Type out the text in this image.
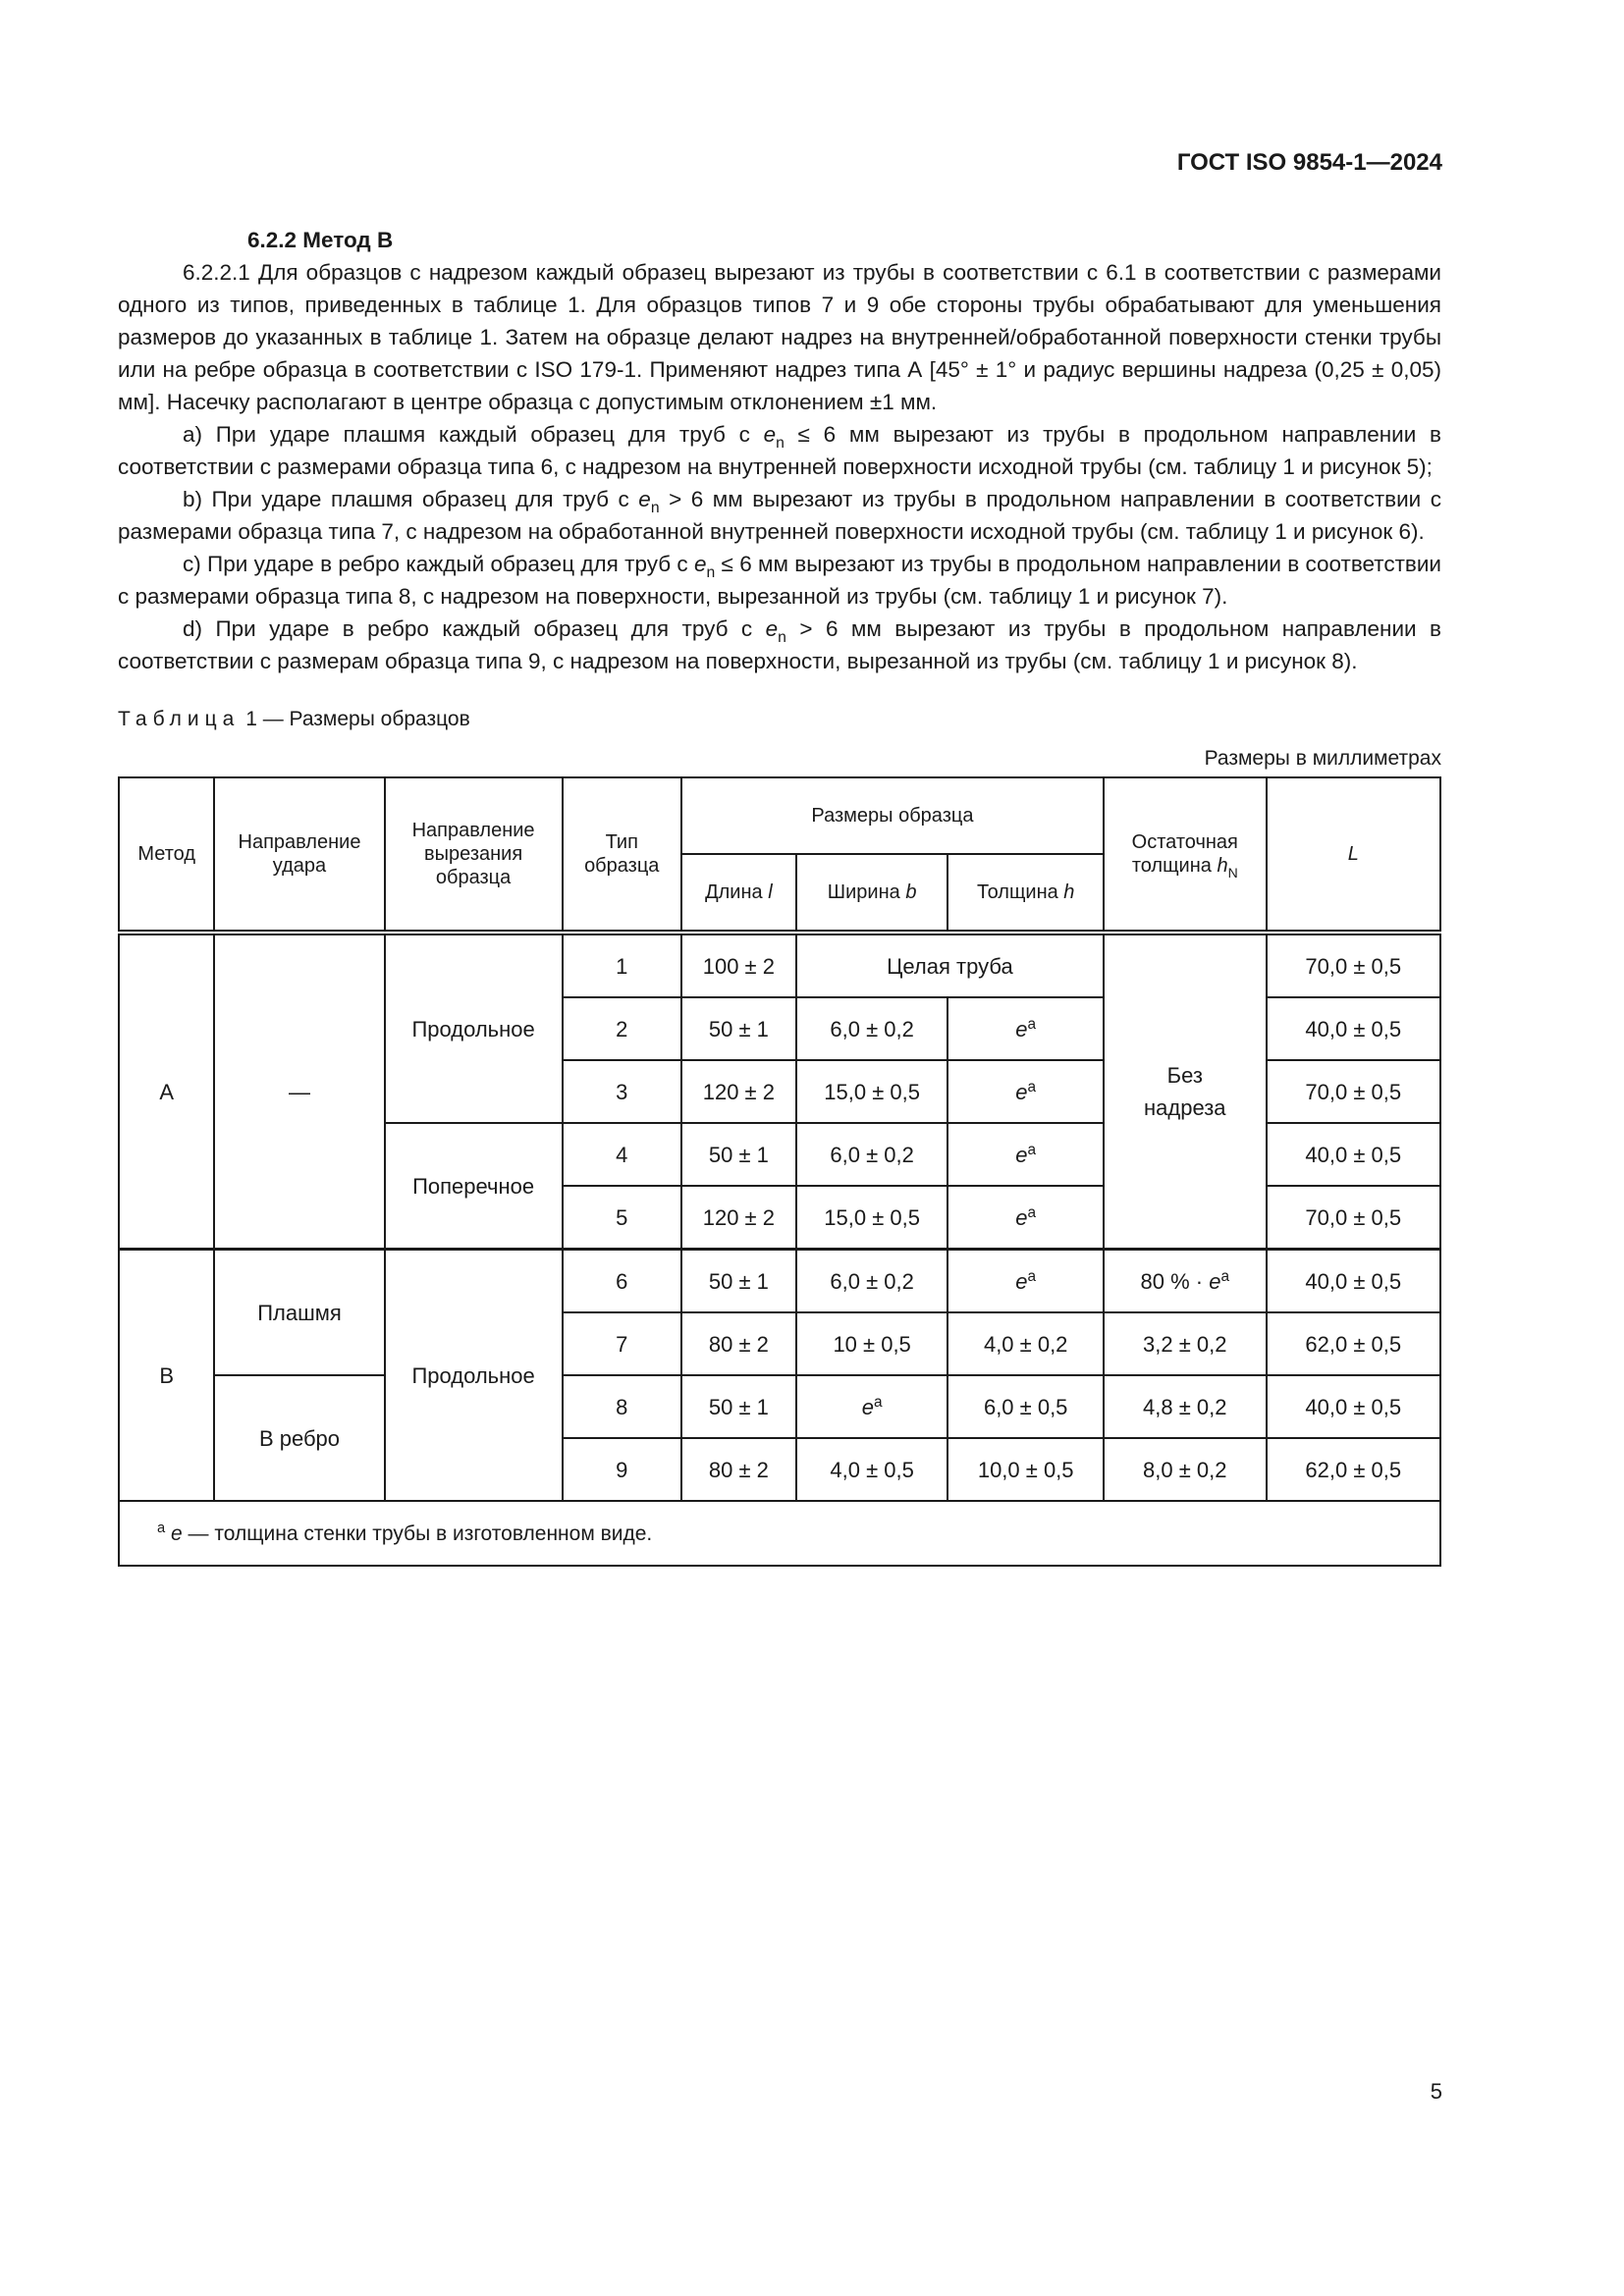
ГОСТ ISO 9854-1—2024

6.2.2 Метод В

6.2.2.1 Для образцов с надрезом каждый образец вырезают из трубы в соответствии с 6.1 в соответствии с размерами одного из типов, приведенных в таблице 1. Для образцов типов 7 и 9 обе стороны трубы обрабатывают для уменьшения размеров до указанных в таблице 1. Затем на образце делают надрез на внутренней/обработанной поверхности стенки трубы или на ребре образца в соответствии с ISO 179-1. Применяют надрез типа А [45° ± 1° и радиус вершины надреза (0,25 ± 0,05) мм]. Насечку располагают в центре образца с допустимым отклонением ±1 мм.

a) При ударе плашмя каждый образец для труб с $e_n \le 6$ мм вырезают из трубы в продольном направлении в соответствии с размерами образца типа 6, с надрезом на внутренней поверхности исходной трубы (см. таблицу 1 и рисунок 5);

b) При ударе плашмя образец для труб с $e_n > 6$ мм вырезают из трубы в продольном направлении в соответствии с размерами образца типа 7, с надрезом на обработанной внутренней поверхности исходной трубы (см. таблицу 1 и рисунок 6).

c) При ударе в ребро каждый образец для труб с $e_n \le 6$ мм вырезают из трубы в продольном направлении в соответствии с размерами образца типа 8, с надрезом на поверхности, вырезанной из трубы (см. таблицу 1 и рисунок 7).

d) При ударе в ребро каждый образец для труб с $e_n > 6$ мм вырезают из трубы в продольном направлении в соответствии с размерам образца типа 9, с надрезом на поверхности, вырезанной из трубы (см. таблицу 1 и рисунок 8).

Таблица 1 — Размеры образцов
Размеры в миллиметрах
Метод	Направление удара	Направление вырезания образца	Тип образца	Размеры образца			Остаточная толщина $h_N$	L
				Длина l	Ширина b	Толщина h		
А	—	Продольное	1	100 ± 2	Целая труба		Без надреза	70,0 ± 0,5
			2	50 ± 1	6,0 ± 0,2	$e^a$		40,0 ± 0,5
			3	120 ± 2	15,0 ± 0,5	$e^a$		70,0 ± 0,5
		Поперечное	4	50 ± 1	6,0 ± 0,2	$e^a$		40,0 ± 0,5
			5	120 ± 2	15,0 ± 0,5	$e^a$		70,0 ± 0,5
В	Плашмя	Продольное	6	50 ± 1	6,0 ± 0,2	$e^a$	80 % · $e^a$	40,0 ± 0,5
			7	80 ± 2	10 ± 0,5	4,0 ± 0,2	3,2 ± 0,2	62,0 ± 0,5
	В ребро		8	50 ± 1	$e^a$	6,0 ± 0,5	4,8 ± 0,2	40,0 ± 0,5
			9	80 ± 2	4,0 ± 0,5	10,0 ± 0,5	8,0 ± 0,2	62,0 ± 0,5
$^a$ e — толщина стенки трубы в изготовленном виде.								
5
